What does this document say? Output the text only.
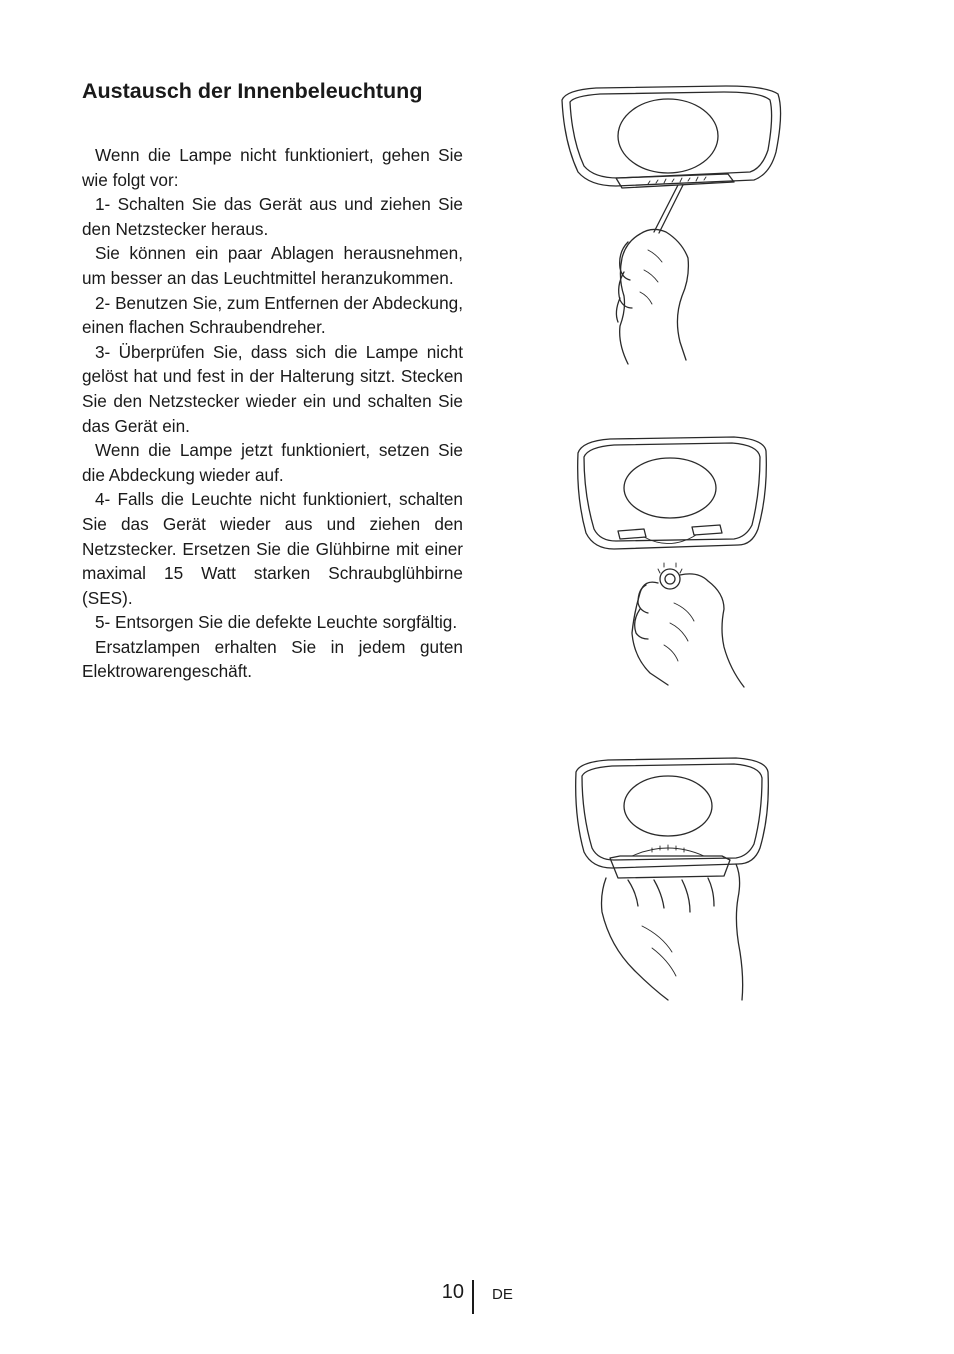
Austausch der Innenbeleuchtung

Wenn die Lampe nicht funktioniert, gehen Sie wie folgt vor:

1- Schalten Sie das Gerät aus und ziehen Sie den Netzstecker heraus.

Sie können ein paar Ablagen herausnehmen, um besser an das Leuchtmittel heranzukommen.

2- Benutzen Sie, zum Entfernen der Abdeckung, einen flachen Schraubendreher.

3- Überprüfen Sie, dass sich die Lampe nicht gelöst hat und fest in der Halterung sitzt. Stecken Sie den Netzstecker wieder ein und schalten Sie das Gerät ein.

Wenn die Lampe jetzt funktioniert, setzen Sie die Abdeckung wieder auf.

4- Falls die Leuchte nicht funktioniert, schalten Sie das Gerät wieder aus und ziehen den Netzstecker. Ersetzen Sie die Glühbirne mit einer maximal 15 Watt starken Schraubglühbirne (SES).

5- Entsorgen Sie die defekte Leuchte sorgfältig.

Ersatzlampen erhalten Sie in jedem guten Elektrowarengeschäft.

10 DE
